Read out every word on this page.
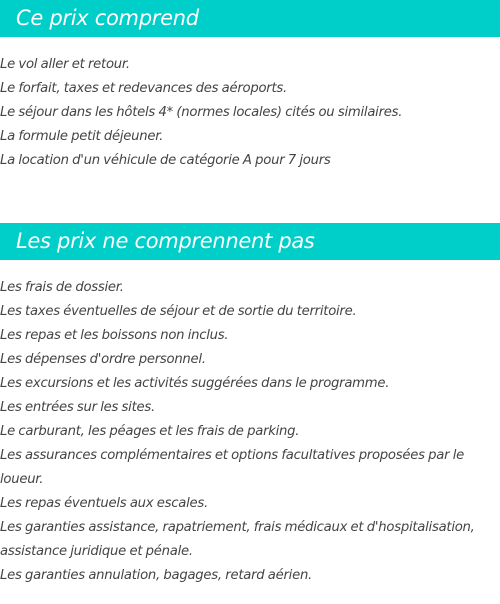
Ce prix comprend
Le vol aller et retour.
Le forfait, taxes et redevances des aéroports.
Le séjour dans les hôtels 4* (normes locales) cités ou similaires.
La formule petit déjeuner.
La location d'un véhicule de catégorie A pour 7 jours
Les prix ne comprennent pas
Les frais de dossier.
Les taxes éventuelles de séjour et de sortie du territoire.
Les repas et les boissons non inclus.
Les dépenses d'ordre personnel.
Les excursions et les activités suggérées dans le programme.
Les entrées sur les sites.
Le carburant, les péages et les frais de parking.
Les assurances complémentaires et options facultatives proposées par le loueur.
Les repas éventuels aux escales.
Les garanties assistance, rapatriement, frais médicaux et d'hospitalisation, assistance juridique et pénale.
Les garanties annulation, bagages, retard aérien.
